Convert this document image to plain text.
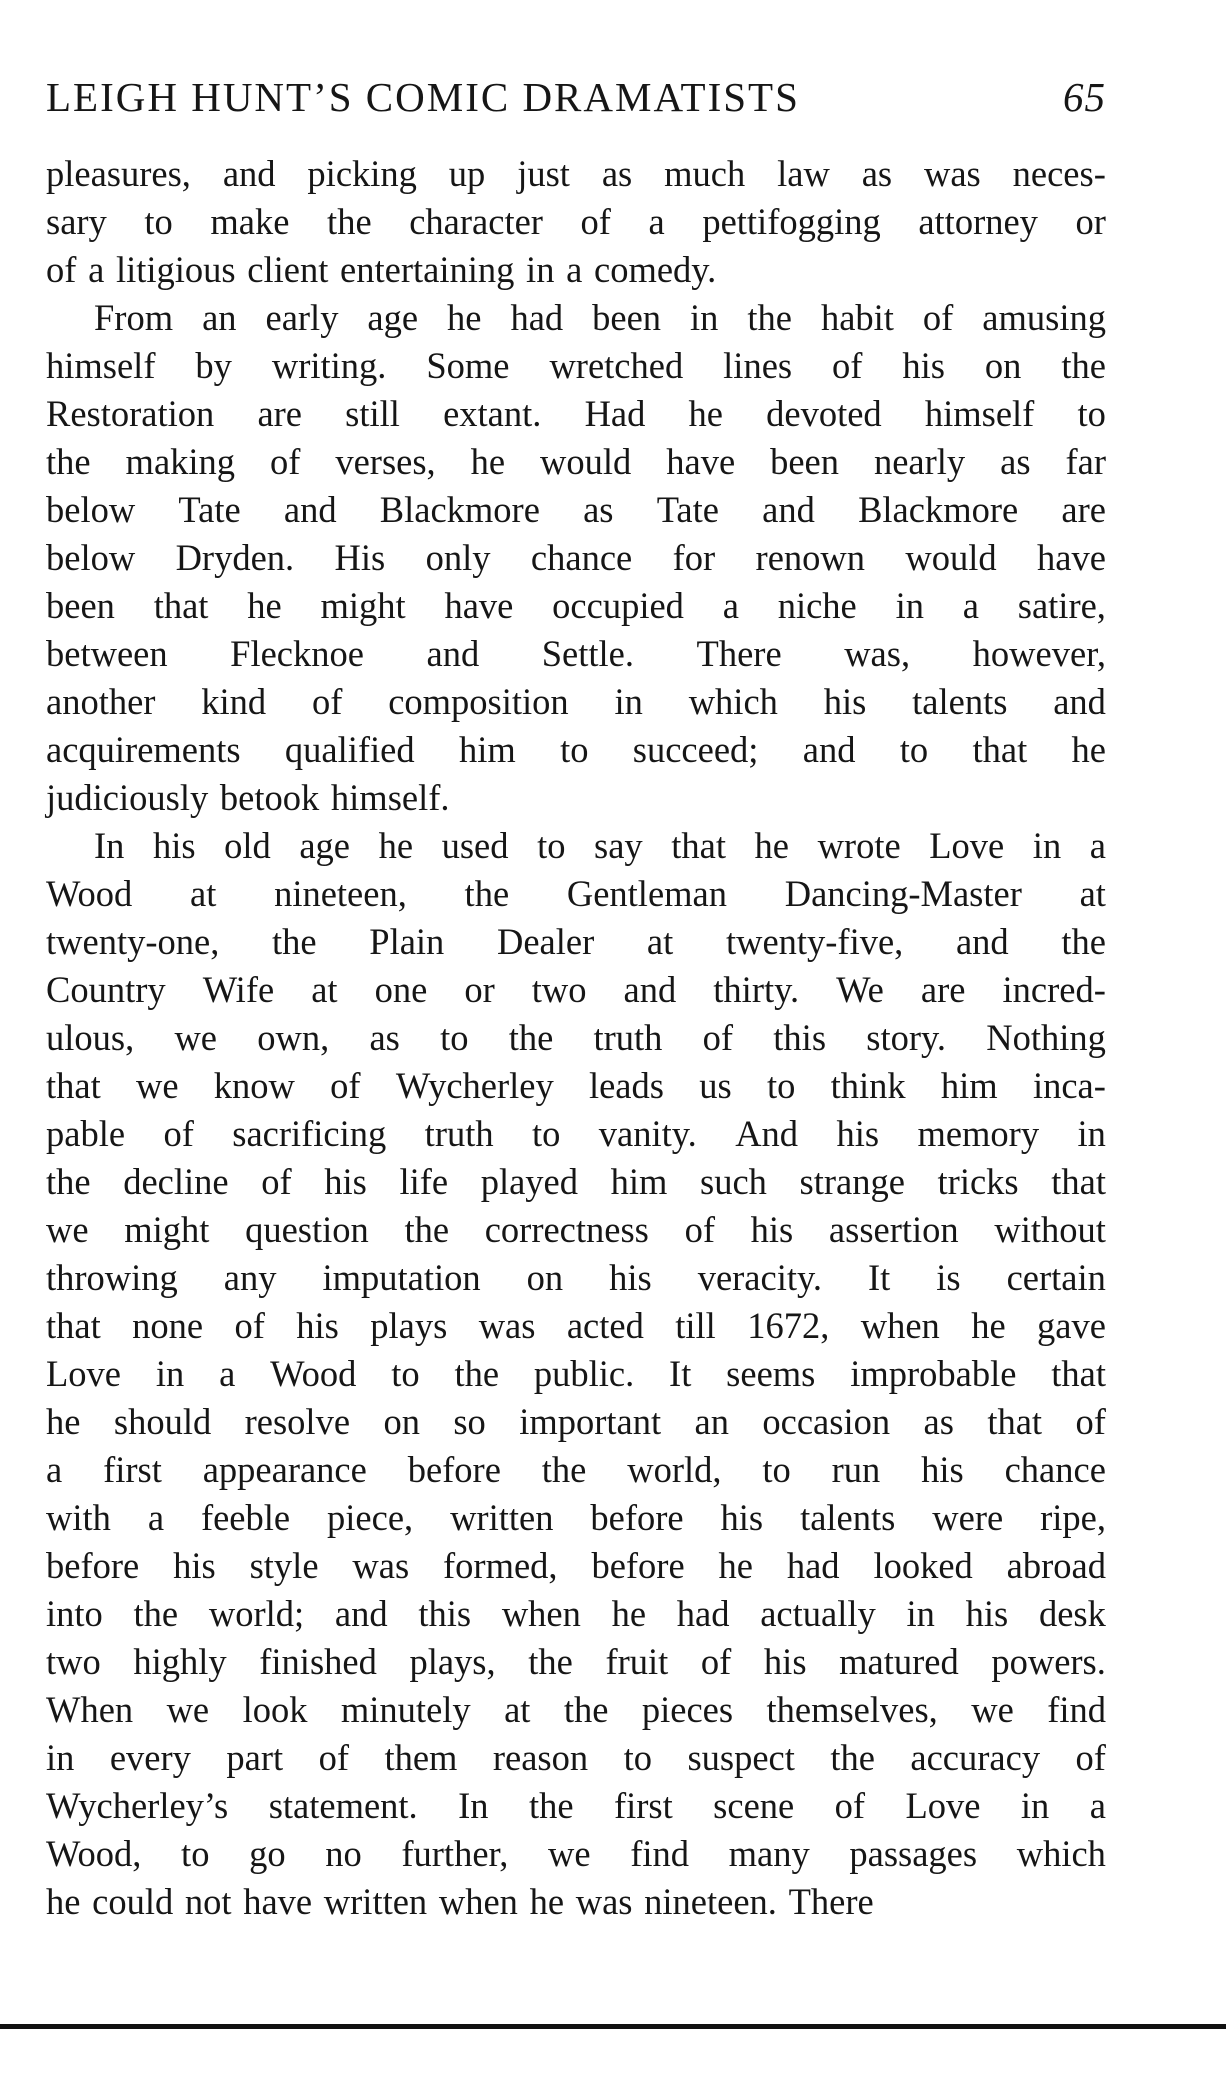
LEIGH HUNT’S COMIC DRAMATISTS	65
pleasures, and picking up just as much law as was neces-
sary to make the character of a pettifogging attorney or
of a litigious client entertaining in a comedy.
From an early age he had been in the habit of amusing
himself by writing. Some wretched lines of his on the
Restoration are still extant. Had he devoted himself to
the making of verses, he would have been nearly as far
below Tate and Blackmore as Tate and Blackmore are
below Dryden. His only chance for renown would have
been that he might have occupied a niche in a satire,
between Flecknoe and Settle. There was, however,
another kind of composition in which his talents and
acquirements qualified him to succeed; and to that he
judiciously betook himself.
In his old age he used to say that he wrote Love in a
Wood at nineteen, the Gentleman Dancing-Master at
twenty-one, the Plain Dealer at twenty-five, and the
Country Wife at one or two and thirty. We are incred-
ulous, we own, as to the truth of this story. Nothing
that we know of Wycherley leads us to think him inca-
pable of sacrificing truth to vanity. And his memory in
the decline of his life played him such strange tricks that
we might question the correctness of his assertion without
throwing any imputation on his veracity. It is certain
that none of his plays was acted till 1672, when he gave
Love in a Wood to the public. It seems improbable that
he should resolve on so important an occasion as that of
a first appearance before the world, to run his chance
with a feeble piece, written before his talents were ripe,
before his style was formed, before he had looked abroad
into the world; and this when he had actually in his desk
two highly finished plays, the fruit of his matured powers.
When we look minutely at the pieces themselves, we find
in every part of them reason to suspect the accuracy of
Wycherley’s statement. In the first scene of Love in a
Wood, to go no further, we find many passages which
he could not have written when he was nineteen. There
